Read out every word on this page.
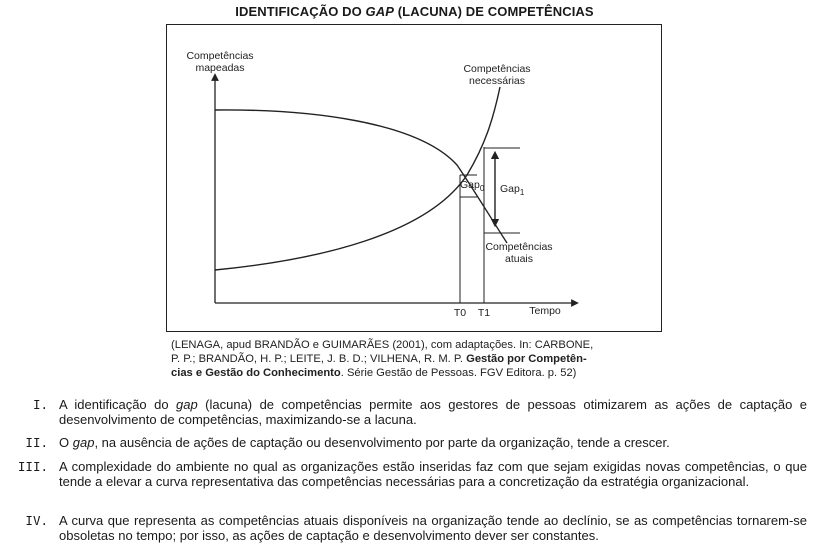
IDENTIFICAÇÃO DO GAP (LACUNA) DE COMPETÊNCIAS
Competências
mapeadas	Competências
necessárias
Competências
atuais
Gap$_0$ Gap$_1$
T0 T1	Tempo
(LENAGA, apud BRANDÃO e GUIMARÃES (2001), com adaptações. In: CARBONE,
P. P.; BRANDÃO, H. P.; LEITE, J. B. D.; VILHENA, R. M. P. Gestão por Competên-
cias e Gestão do Conhecimento. Série Gestão de Pessoas. FGV Editora. p. 52)
I. A identificação do gap (lacuna) de competências permite aos gestores de pessoas otimizarem as ações de captação e desenvolvimento de competências, maximizando-se a lacuna.
II. O gap, na ausência de ações de captação ou desenvolvimento por parte da organização, tende a crescer.
III. A complexidade do ambiente no qual as organizações estão inseridas faz com que sejam exigidas novas competências, o que tende a elevar a curva representativa das competências necessárias para a concretização da estratégia organizacional.
IV. A curva que representa as competências atuais disponíveis na organização tende ao declínio, se as competências tornarem-se obsoletas no tempo; por isso, as ações de captação e desenvolvimento dever ser constantes.
